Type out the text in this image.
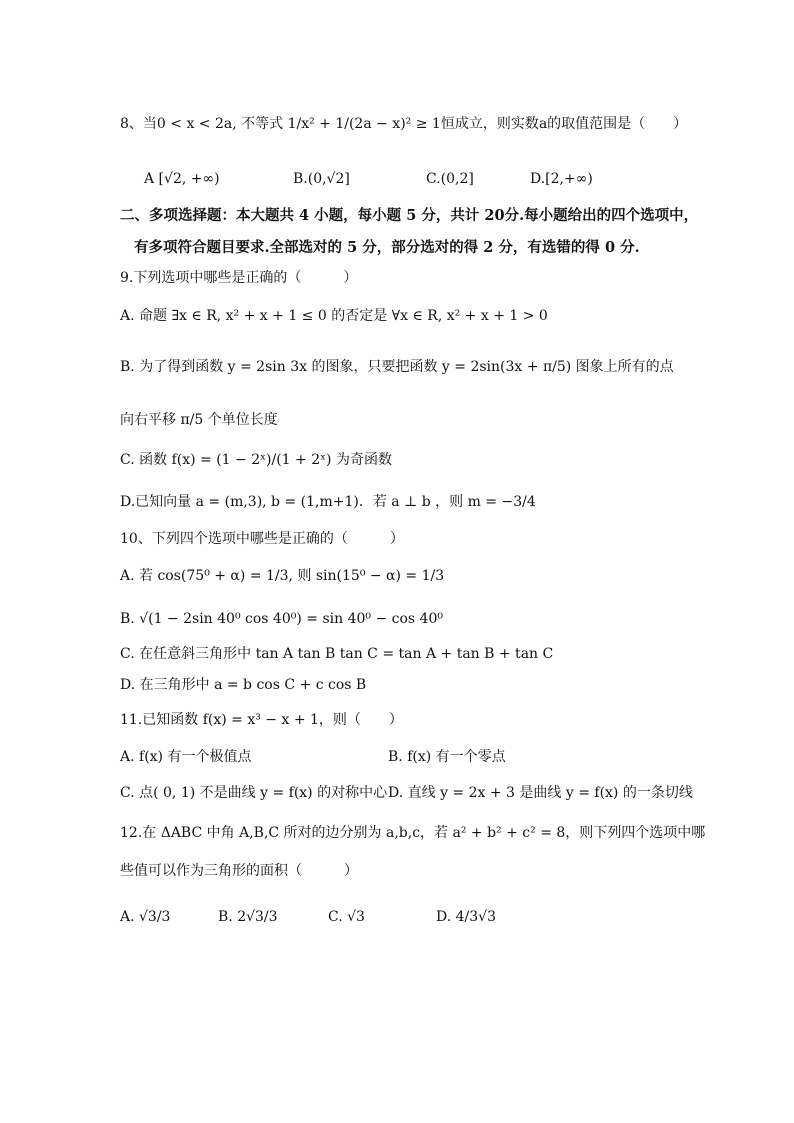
8、当0 < x < 2a, 不等式 1/x² + 1/(2a − x)² ≥ 1恒成立，则实数a的取值范围是（　　）
A [√2, +∞)	B.(0,√2]	C.(0,2]	D.[2,+∞)
二、多项选择题：本大题共 4 小题，每小题 5 分，共计 20分.每小题给出的四个选项中，
有多项符合题目要求.全部选对的 5 分，部分选对的得 2 分，有选错的得 0 分.
9.下列选项中哪些是正确的（　　　）
A. 命题 ∃x ∈ R, x² + x + 1 ≤ 0 的否定是 ∀x ∈ R, x² + x + 1 > 0
B. 为了得到函数 y = 2sin 3x 的图象，只要把函数 y = 2sin(3x + π/5) 图象上所有的点
向右平移 π/5 个单位长度
C. 函数 f(x) = (1 − 2ˣ)/(1 + 2ˣ) 为奇函数
D.已知向量 a = (m,3), b = (1,m+1)．若 a ⊥ b ，则 m = −3/4
10、下列四个选项中哪些是正确的（　　　）
A. 若 cos(75⁰ + α) = 1/3, 则 sin(15⁰ − α) = 1/3
B. √(1 − 2sin 40⁰ cos 40⁰) = sin 40⁰ − cos 40⁰
C. 在任意斜三角形中 tan A tan B tan C = tan A + tan B + tan C
D. 在三角形中 a = b cos C + c cos B
11.已知函数 f(x) = x³ − x + 1，则（　　）
A. f(x) 有一个极值点	B. f(x) 有一个零点
C. 点( 0, 1) 不是曲线 y = f(x) 的对称中心 D. 直线 y = 2x + 3 是曲线 y = f(x) 的一条切线
12.在 ΔABC 中角 A,B,C 所对的边分别为 a,b,c，若 a² + b² + c² = 8，则下列四个选项中哪
些值可以作为三角形的面积（　　　）
A. √3/3	B. 2√3/3	C. √3	D. 4/3√3
